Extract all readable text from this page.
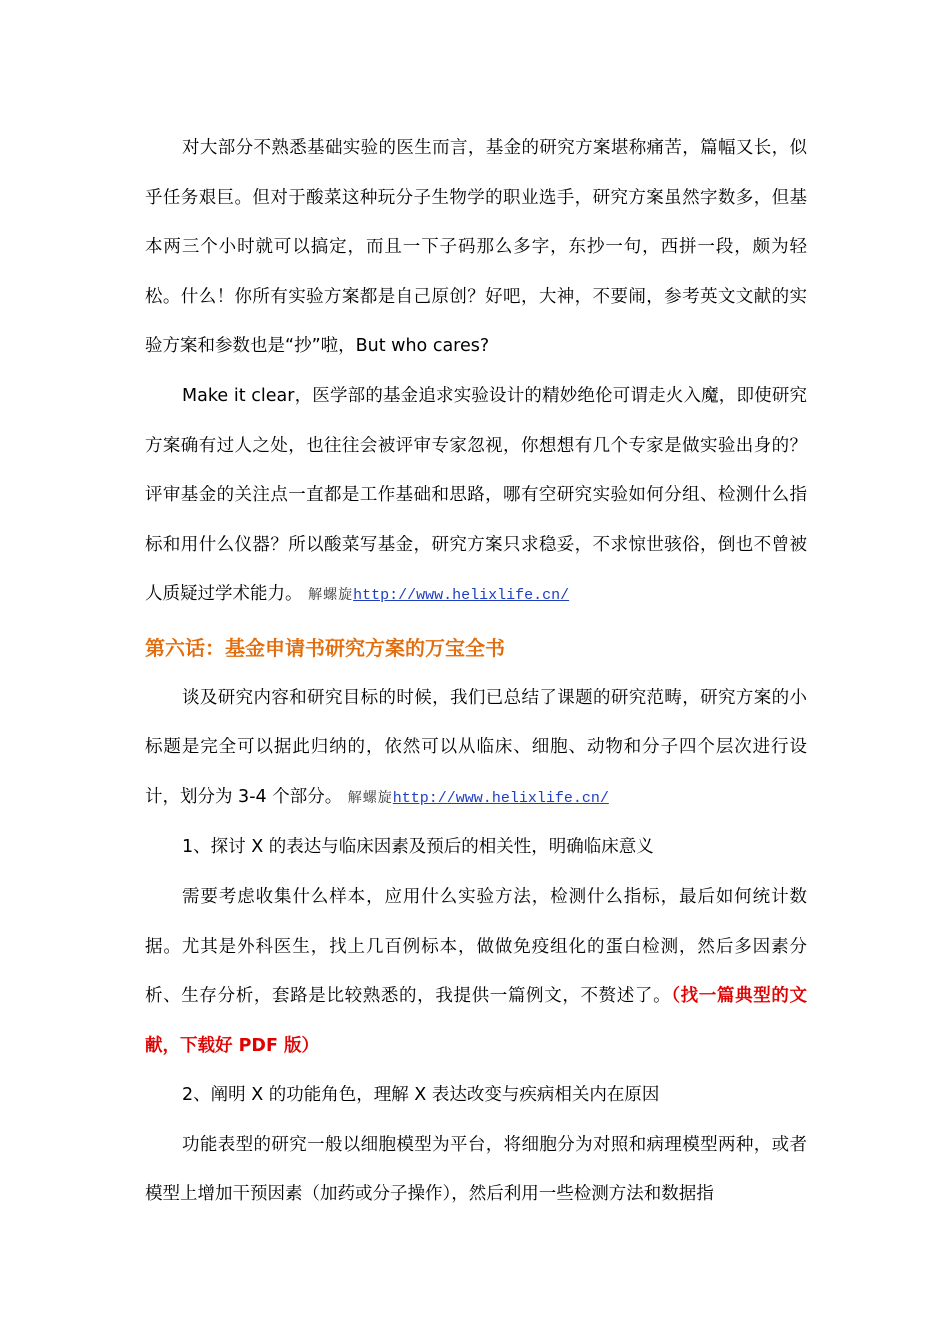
对大部分不熟悉基础实验的医生而言，基金的研究方案堪称痛苦，篇幅又长，似乎任务艰巨。但对于酸菜这种玩分子生物学的职业选手，研究方案虽然字数多，但基本两三个小时就可以搞定，而且一下子码那么多字，东抄一句，西拼一段，颇为轻松。什么！你所有实验方案都是自己原创？好吧，大神，不要闹，参考英文文献的实验方案和参数也是“抄”啦，But who cares?

Make it clear，医学部的基金追求实验设计的精妙绝伦可谓走火入魔，即使研究方案确有过人之处，也往往会被评审专家忽视，你想想有几个专家是做实验出身的？评审基金的关注点一直都是工作基础和思路，哪有空研究实验如何分组、检测什么指标和用什么仪器？所以酸菜写基金，研究方案只求稳妥，不求惊世骇俗，倒也不曾被人质疑过学术能力。 解螺旋http://www.helixlife.cn/

第六话：基金申请书研究方案的万宝全书

谈及研究内容和研究目标的时候，我们已总结了课题的研究范畴，研究方案的小标题是完全可以据此归纳的，依然可以从临床、细胞、动物和分子四个层次进行设计，划分为 3-4 个部分。 解螺旋http://www.helixlife.cn/

1、探讨 X 的表达与临床因素及预后的相关性，明确临床意义

需要考虑收集什么样本，应用什么实验方法，检测什么指标，最后如何统计数据。尤其是外科医生，找上几百例标本，做做免疫组化的蛋白检测，然后多因素分析、生存分析，套路是比较熟悉的，我提供一篇例文，不赘述了。（找一篇典型的文献，下载好 PDF 版）

2、阐明 X 的功能角色，理解 X 表达改变与疾病相关内在原因

功能表型的研究一般以细胞模型为平台，将细胞分为对照和病理模型两种，或者模型上增加干预因素（加药或分子操作），然后利用一些检测方法和数据指
